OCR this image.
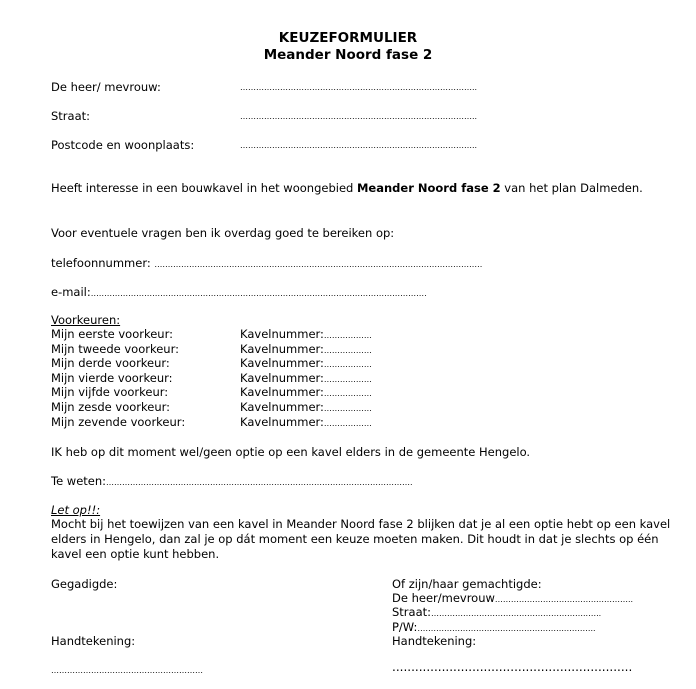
KEUZEFORMULIER
Meander Noord fase 2
De heer/ mevrouw:	……………………………………………………………………………..
Straat:	……………………………………………………………………………..
Postcode en woonplaats:	……………………………………………………………………………..
Heeft interesse in een bouwkavel in het woongebied Meander Noord fase 2 van het plan Dalmeden.
Voor eventuele vragen ben ik overdag goed te bereiken op:
telefoonnummer: ……………………………………………………………………………………………………………
e-mail:………………………………………………………………………………………………………………
Voorkeuren:
Mijn eerste voorkeur:	Kavelnummer:………………
Mijn tweede voorkeur:	Kavelnummer:………………
Mijn derde voorkeur:	Kavelnummer:………………
Mijn vierde voorkeur:	Kavelnummer:………………
Mijn vijfde voorkeur:	Kavelnummer:………………
Mijn zesde voorkeur:	Kavelnummer:………………
Mijn zevende voorkeur:	Kavelnummer:………………
IK heb op dit moment wel/geen optie op een kavel elders in de gemeente Hengelo.
Te weten:…………………………………………………………………………………………………….
Let op!!:
Mocht bij het toewijzen van een kavel in Meander Noord fase 2 blijken dat je al een optie hebt op een kavel elders in Hengelo, dan zal je op dát moment een keuze moeten maken. Dit houdt in dat je slechts op één kavel een optie kunt hebben.
Gegadigde:
Handtekening:
…………………………………………………
Of zijn/haar gemachtigde:
De heer/mevrouw………………………………..…………..
Straat:…………………………………………………..…..
P/W:………………………………………………..………..
Handtekening:
...............................................................
